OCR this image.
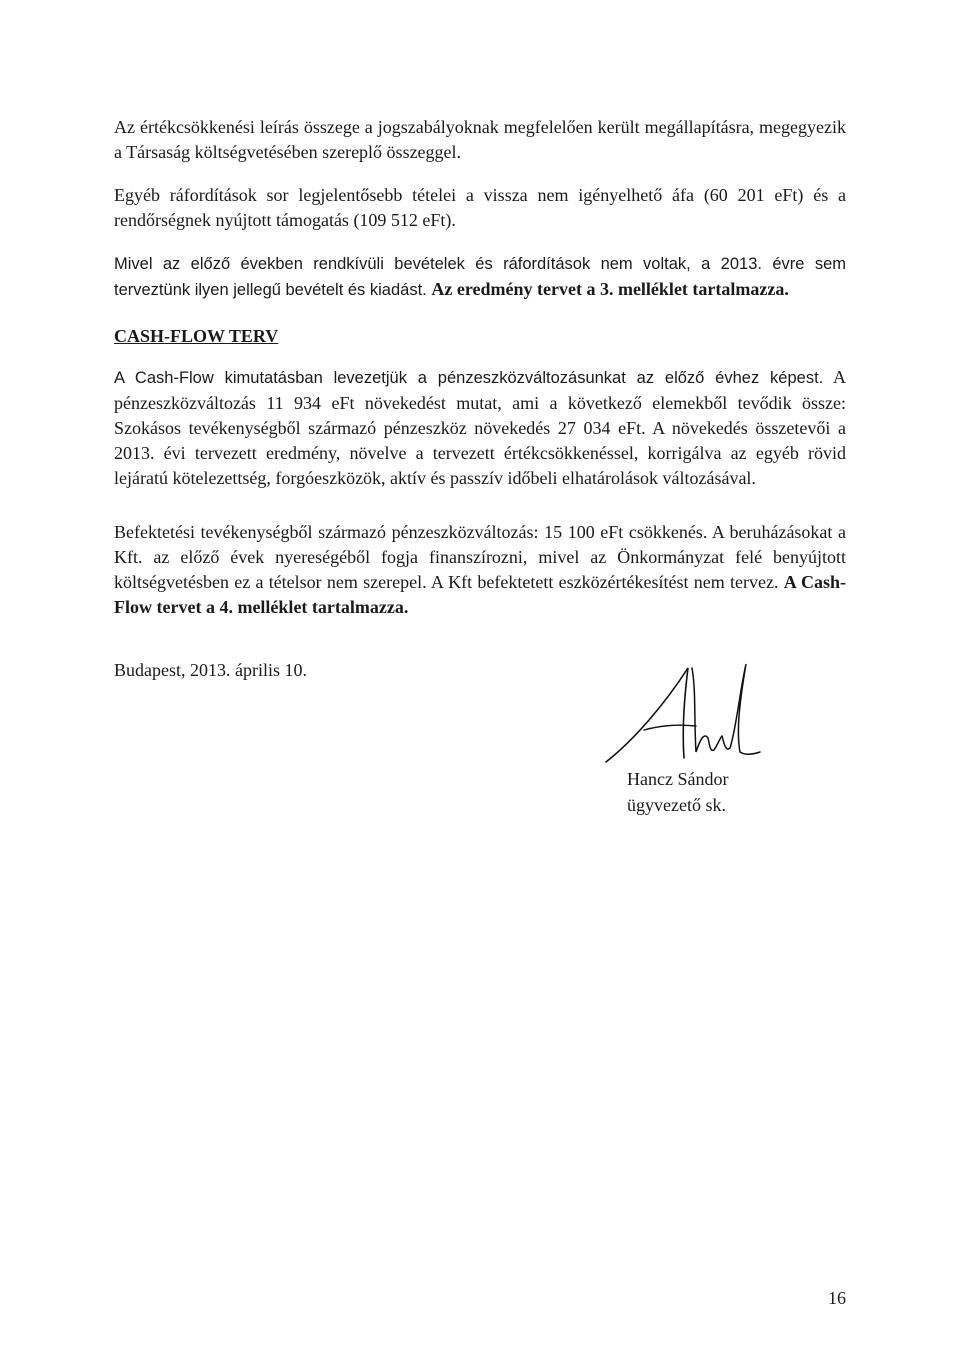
Az értékcsökkenési leírás összege a jogszabályoknak megfelelően került megállapításra, megegyezik a Társaság költségvetésében szereplő összeggel.

Egyéb ráfordítások sor legjelentősebb tételei a vissza nem igényelhető áfa (60 201 eFt) és a rendőrségnek nyújtott támogatás (109 512 eFt).

Mivel az előző években rendkívüli bevételek és ráfordítások nem voltak, a 2013. évre sem terveztünk ilyen jellegű bevételt és kiadást. Az eredmény tervet a 3. melléklet tartalmazza.

CASH-FLOW TERV

A Cash-Flow kimutatásban levezetjük a pénzeszközváltozásunkat az előző évhez képest. A pénzeszközváltozás 11 934 eFt növekedést mutat, ami a következő elemekből tevődik össze: Szokásos tevékenységből származó pénzeszköz növekedés 27 034 eFt. A növekedés összetevői a 2013. évi tervezett eredmény, növelve a tervezett értékcsökkenéssel, korrigálva az egyéb rövid lejáratú kötelezettség, forgóeszközök, aktív és passzív időbeli elhatárolások változásával.

Befektetési tevékenységből származó pénzeszközváltozás: 15 100 eFt csökkenés. A beruházásokat a Kft. az előző évek nyereségéből fogja finanszírozni, mivel az Önkormányzat felé benyújtott költségvetésben ez a tételsor nem szerepel. A Kft befektetett eszközértékesítést nem tervez. A Cash-Flow tervet a 4. melléklet tartalmazza.

Budapest, 2013. április 10.

Hancz Sándor
ügyvezető sk.

16
